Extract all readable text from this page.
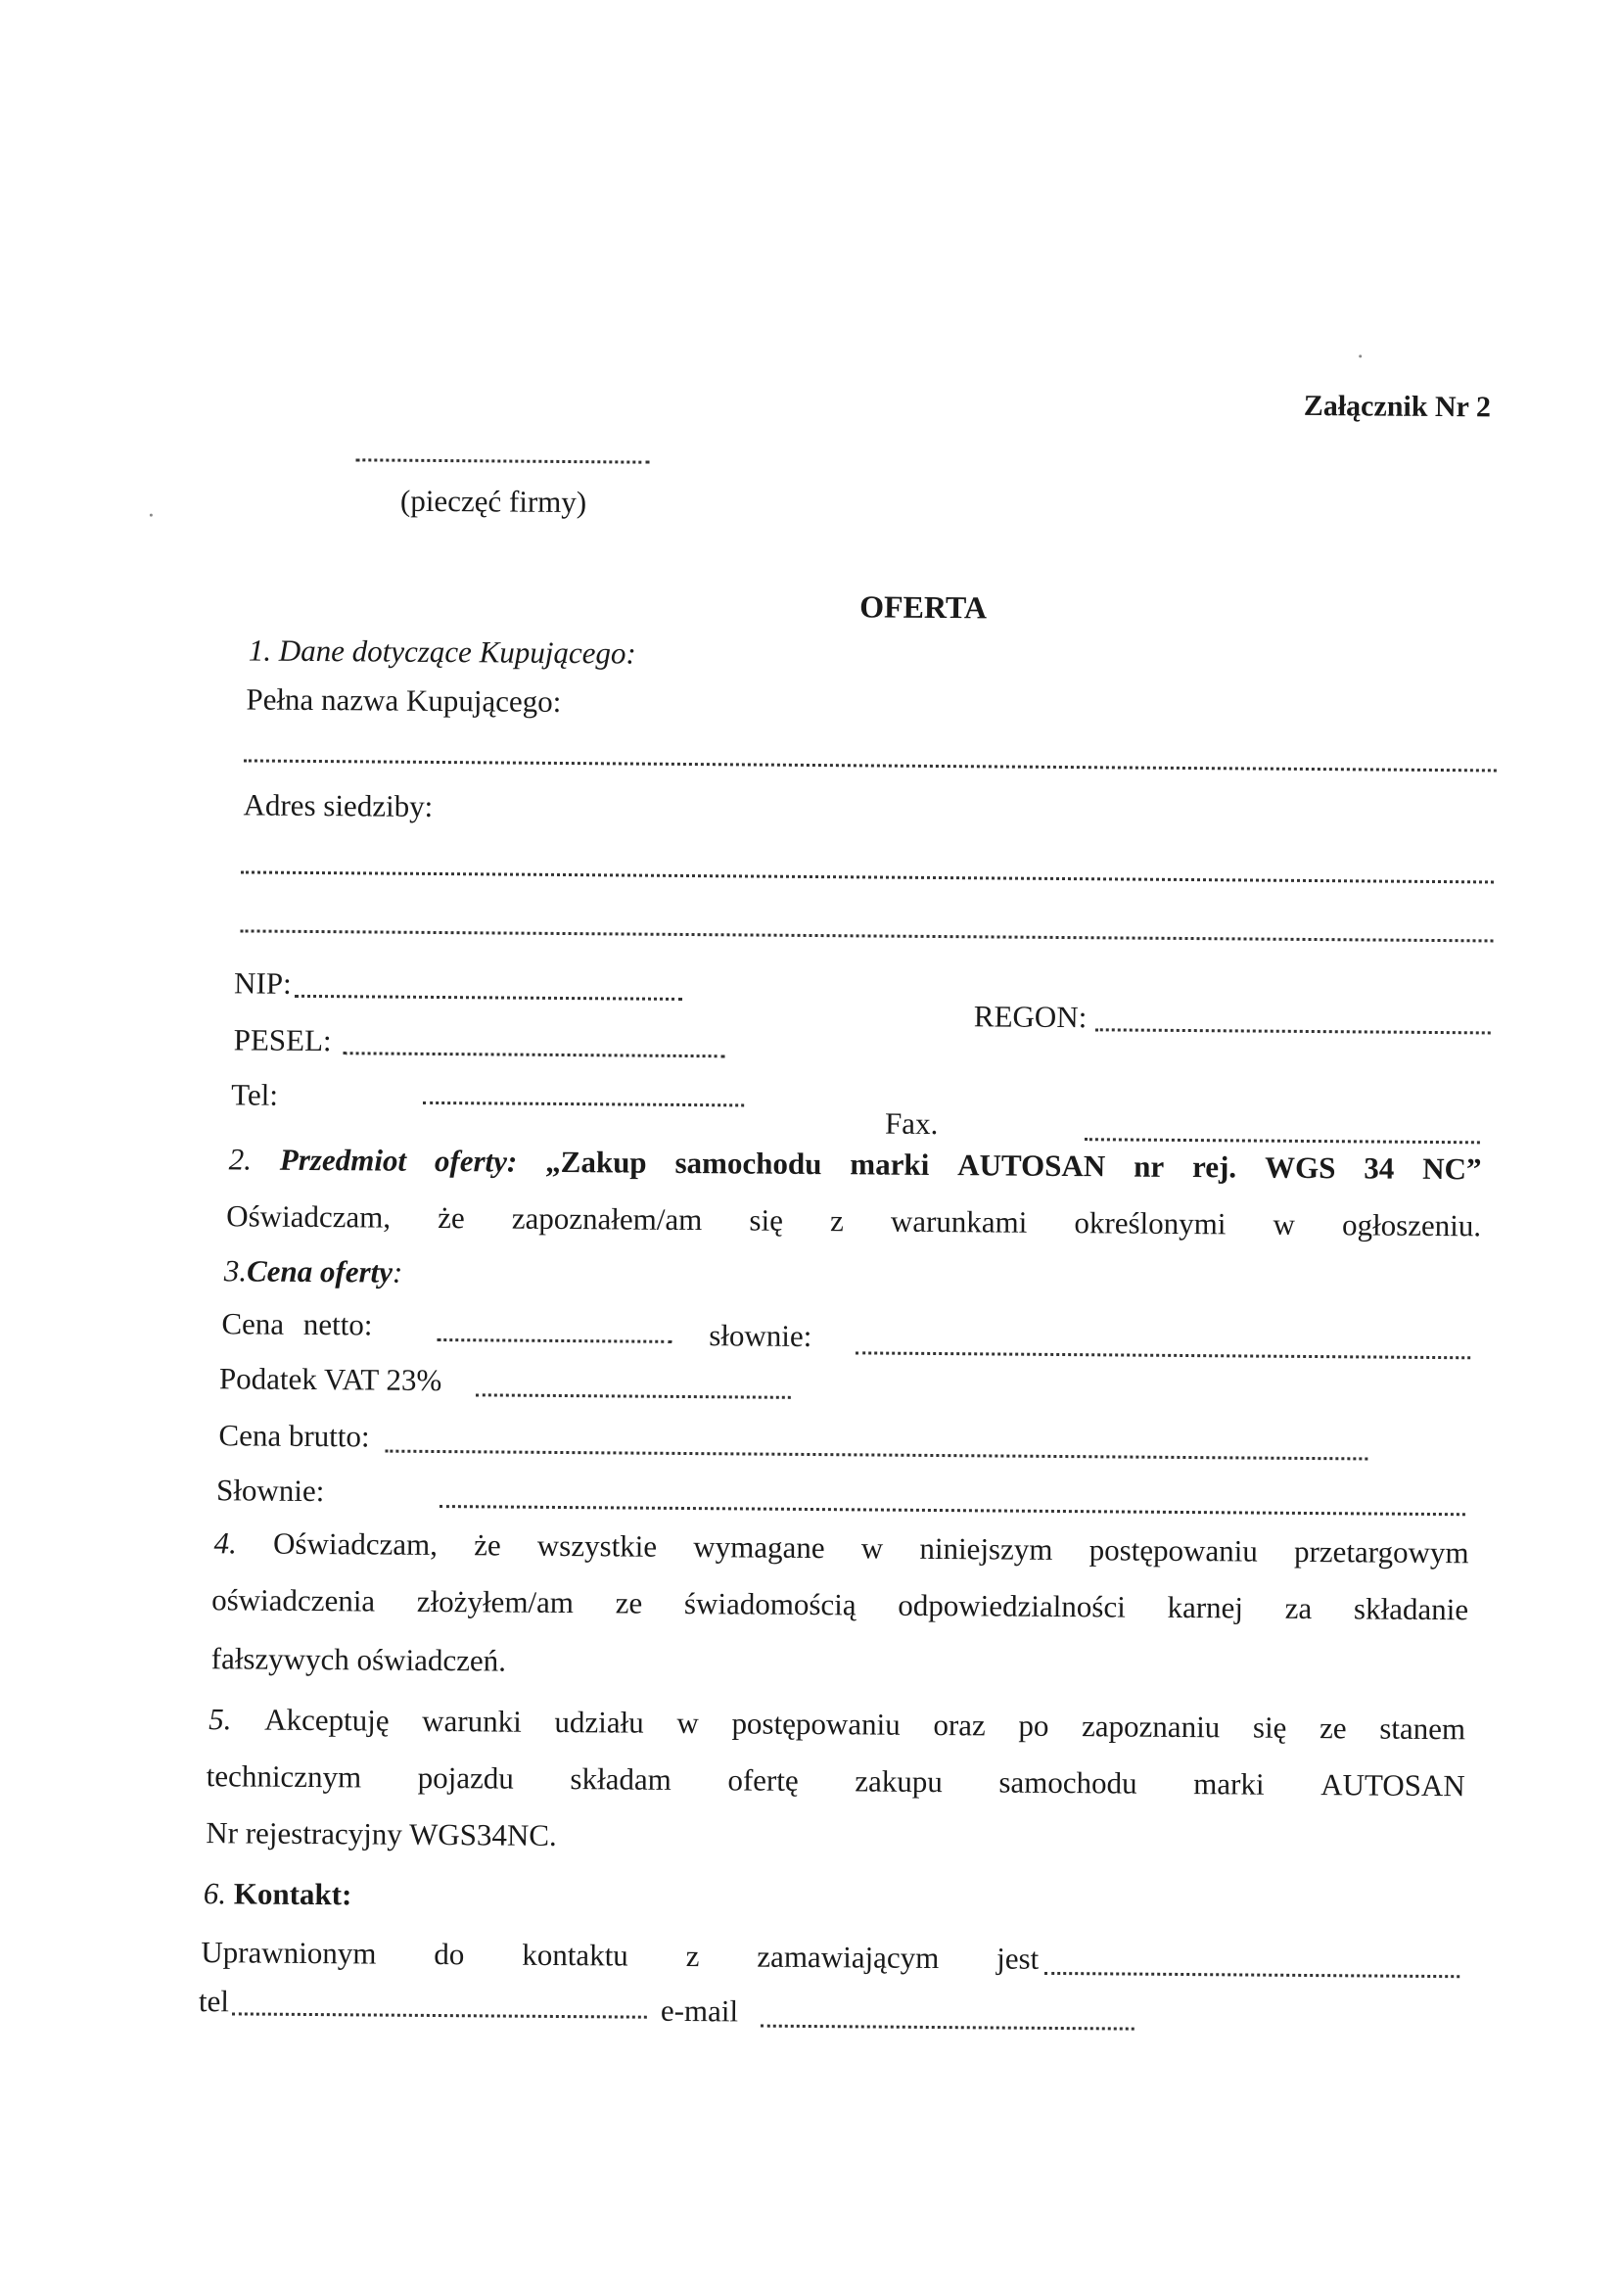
Załącznik Nr 2
(pieczęć firmy)
OFERTA
1. Dane dotyczące Kupującego:
Pełna nazwa Kupującego:
Adres siedziby:
NIP:
REGON:
PESEL:
Tel:
Fax.
2. Przedmiot oferty: „Zakup samochodu marki AUTOSAN nr rej. WGS 34 NC”
Oświadczam, że zapoznałem/am się z warunkami określonymi w ogłoszeniu.
3.Cena oferty:
Cena netto:	słownie:
Podatek VAT 23%
Cena brutto:
Słownie:
4. Oświadczam, że wszystkie wymagane w niniejszym postępowaniu przetargowym
oświadczenia złożyłem/am ze świadomością odpowiedzialności karnej za składanie
fałszywych oświadczeń.
5. Akceptuję warunki udziału w postępowaniu oraz po zapoznaniu się ze stanem
technicznym pojazdu składam ofertę zakupu samochodu marki AUTOSAN
Nr rejestracyjny WGS34NC.
6. Kontakt:
Uprawnionym do kontaktu z zamawiającym jest
tel	e-mail
